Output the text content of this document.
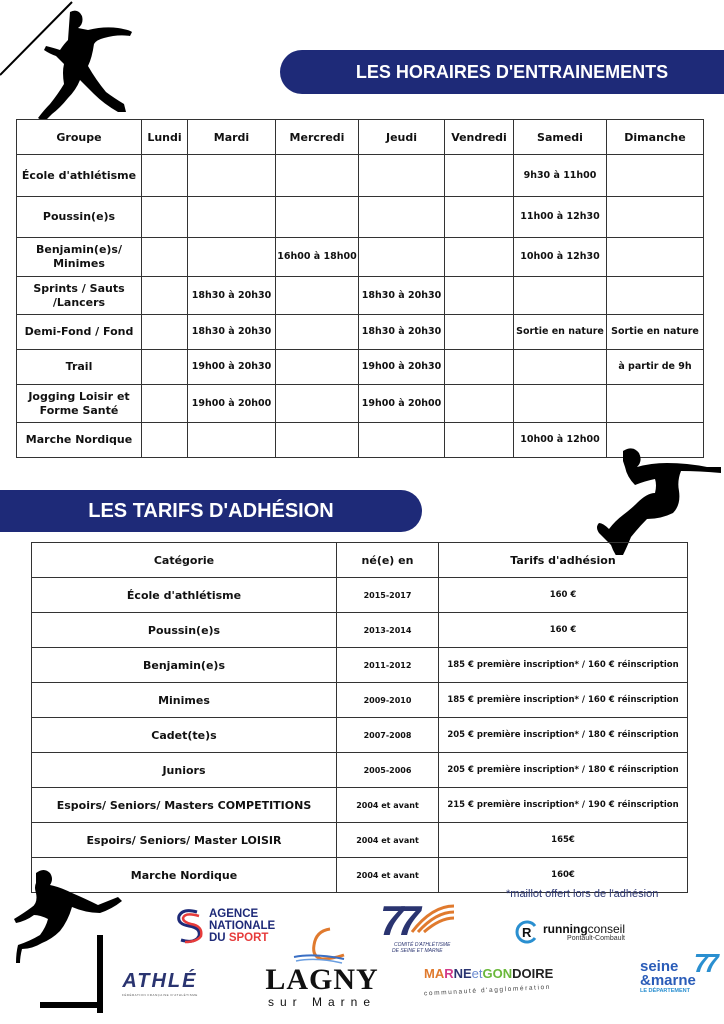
LES HORAIRES D'ENTRAINEMENTS
Groupe	Lundi	Mardi	Mercredi	Jeudi	Vendredi	Samedi	Dimanche
École d'athlétisme						9h30 à 11h00	
Poussin(e)s						11h00 à 12h30	
Benjamin(e)s/ Minimes			16h00 à 18h00			10h00 à 12h30	
Sprints / Sauts /Lancers		18h30 à 20h30		18h30 à 20h30			
Demi-Fond / Fond		18h30 à 20h30		18h30 à 20h30		Sortie en nature	Sortie en nature
Trail		19h00 à 20h30		19h00 à 20h30			à partir de 9h
Jogging Loisir et Forme Santé		19h00 à 20h00		19h00 à 20h00			
Marche Nordique						10h00 à 12h00	
LES TARIFS D'ADHÉSION
Catégorie	né(e) en	Tarifs d'adhésion
École d'athlétisme	2015-2017	160 €
Poussin(e)s	2013-2014	160 €
Benjamin(e)s	2011-2012	185 € première inscription* / 160 € réinscription
Minimes	2009-2010	185 € première inscription* / 160 € réinscription
Cadet(te)s	2007-2008	205 € première inscription* / 180 € réinscription
Juniors	2005-2006	205 € première inscription* / 180 € réinscription
Espoirs/ Seniors/ Masters COMPETITIONS	2004 et avant	215 € première inscription* / 190 € réinscription
Espoirs/ Seniors/ Master LOISIR	2004 et avant	165€
Marche Nordique	2004 et avant	160€
*maillot offert lors de l'adhésion
AGENCE
NATIONALE
DU SPORT
ATHLÉ
FÉDÉRATION FRANÇAISE D'ATHLÉTISME	LAGNY
sur Marne
77
COMITÉ D'ATHLÉTISME
DE SEINE ET MARNE
R runningconseil
Pontault-Combault
MARNEetGONDOIRE
communauté d'agglomération
seine
&marne
77
LE DÉPARTEMENT
